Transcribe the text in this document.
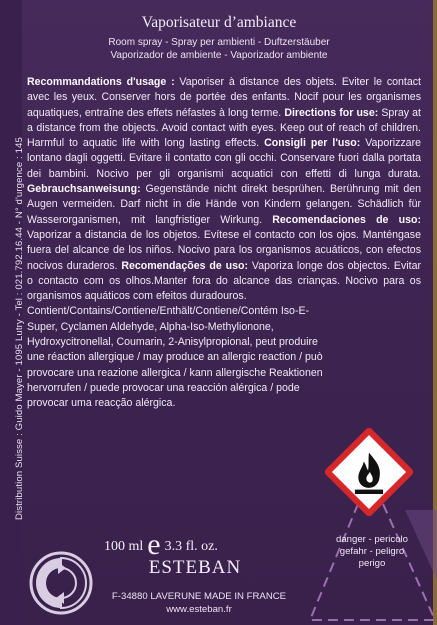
Distribution Suisse : Guido Mayer - 1095 Lutry - Tel : 021.792.16.44 - N° d'urgence : 145
Vaporisateur d’ambiance
Room spray - Spray per ambienti - Duftzerstäuber
Vaporizador de ambiente - Vaporizador ambiente

Recommandations d'usage : Vaporiser à distance des objets. Eviter le contact avec les yeux. Conserver hors de portée des enfants. Nocif pour les organismes aquatiques, entraîne des effets néfastes à long terme. Directions for use: Spray at a distance from the objects. Avoid contact with eyes. Keep out of reach of children. Harmful to aquatic life with long lasting effects. Consigli per l'uso: Vaporizzare lontano dagli oggetti. Evitare il contatto con gli occhi. Conservare fuori dalla portata dei bambini. Nocivo per gli organismi acquatici con effetti di lunga durata. Gebrauchsanweisung: Gegenstände nicht direkt besprühen. Berührung mit den Augen vermeiden. Darf nicht in die Hände von Kindern gelangen. Schädlich für Wasserorganismen, mit langfristiger Wirkung. Recomendaciones de uso: Vaporizar a distancia de los objetos. Evítese el contacto con los ojos. Manténgase fuera del alcance de los niños. Nocivo para los organismos acuáticos, con efectos nocivos duraderos. Recomendações de uso: Vaporiza longe dos objectos. Evitar o contacto com os olhos.Manter fora do alcance das crianças. Nocivo para os organismos aquáticos com efeitos duradouros.

Contient/Contains/Contiene/Enthält/Contiene/Contém Iso-E-Super, Cyclamen Aldehyde, Alpha-Iso-Methylionone, Hydroxycitronellal, Coumarin, 2-Anisylpropional, peut produire une réaction allergique / may produce an allergic reaction / può provocare una reazione allergica / kann allergische Reaktionen hervorrufen / puede provocar una reacción alérgica / pode provocar uma reacção alérgica.

danger - pericolo gefahr - peligro perigo
100 ml e 3.3 fl. oz.
ESTEBAN
F-34880 LAVERUNE MADE IN FRANCE
www.esteban.fr
